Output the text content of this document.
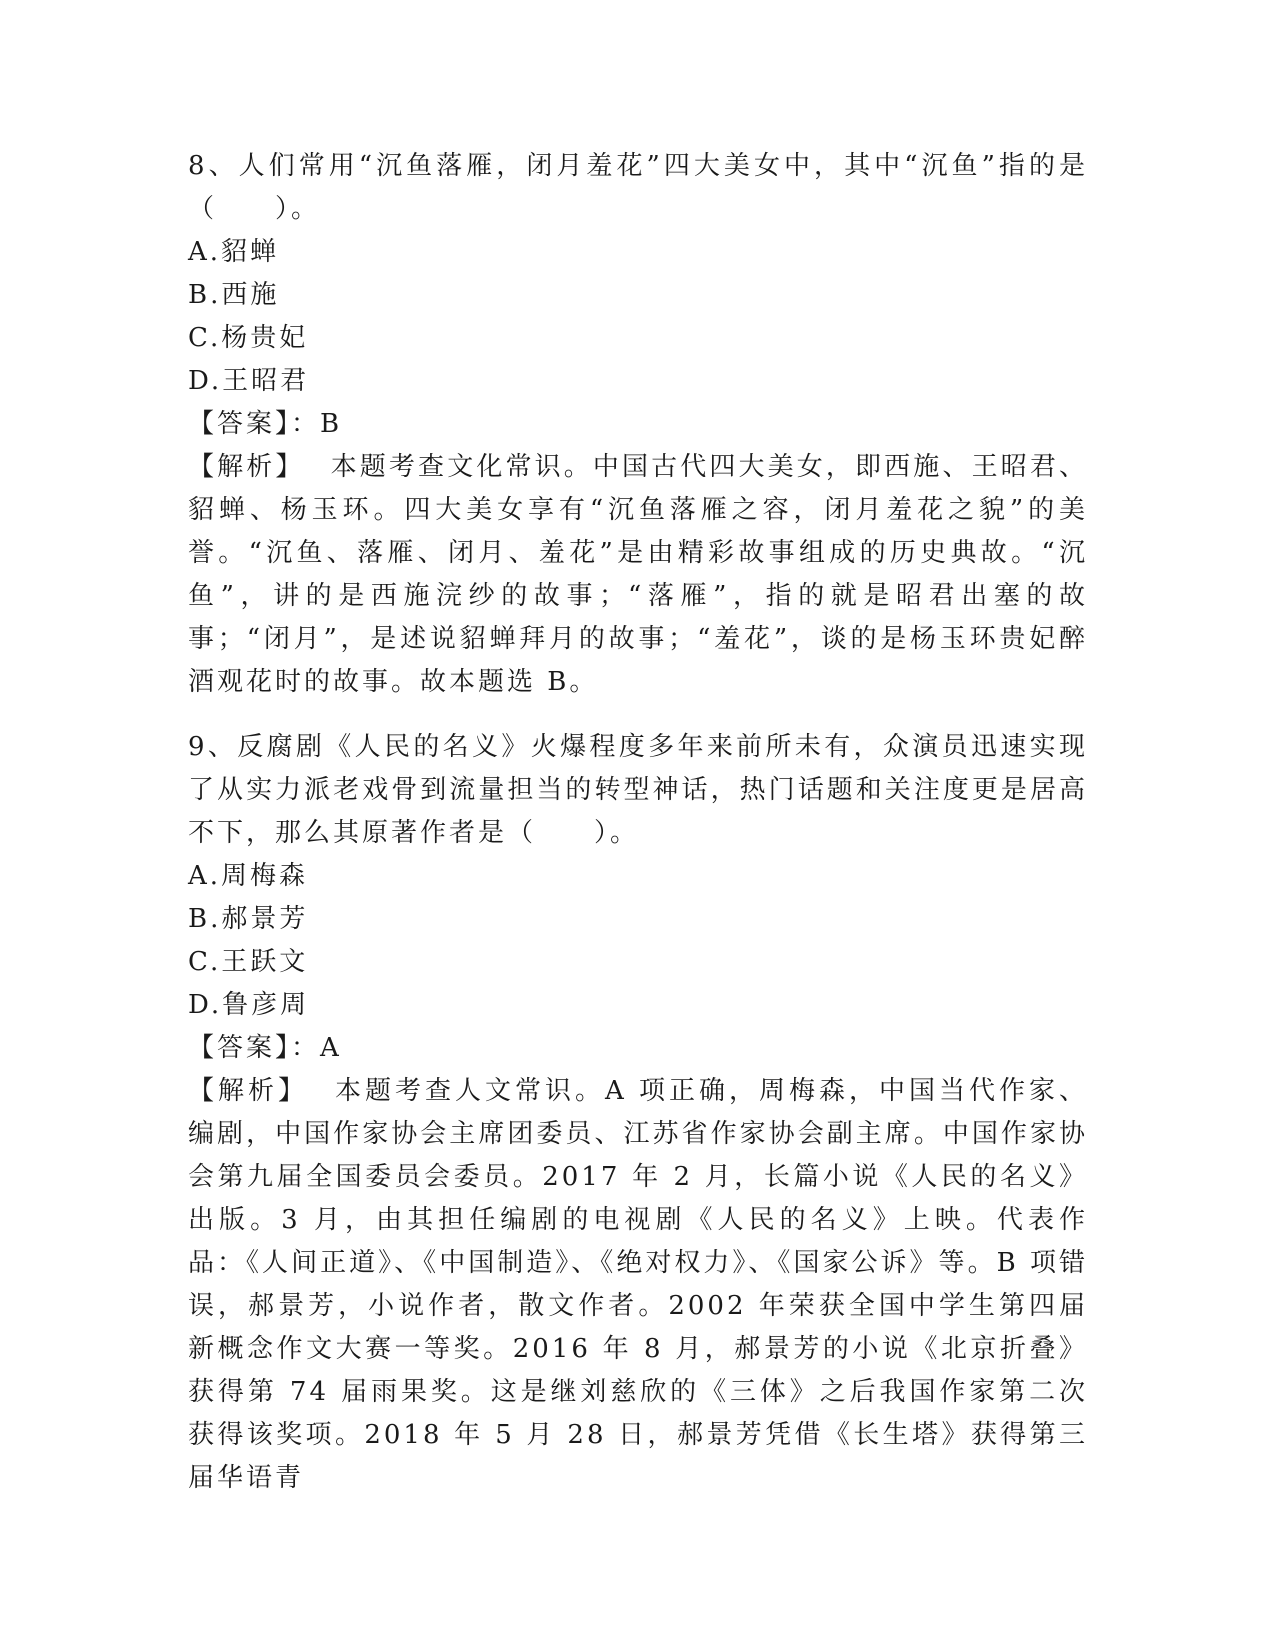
8、人们常用“沉鱼落雁，闭月羞花”四大美女中，其中“沉鱼”指的是（　　）。

A.貂蝉

B.西施

C.杨贵妃

D.王昭君

【答案】：B

【解析】 本题考查文化常识。中国古代四大美女，即西施、王昭君、貂蝉、杨玉环。四大美女享有“沉鱼落雁之容，闭月羞花之貌”的美誉。“沉鱼、落雁、闭月、羞花”是由精彩故事组成的历史典故。“沉鱼”，讲的是西施浣纱的故事；“落雁”，指的就是昭君出塞的故事；“闭月”，是述说貂蝉拜月的故事；“羞花”，谈的是杨玉环贵妃醉酒观花时的故事。故本题选 B。

9、反腐剧《人民的名义》火爆程度多年来前所未有，众演员迅速实现了从实力派老戏骨到流量担当的转型神话，热门话题和关注度更是居高不下，那么其原著作者是（　　）。

A.周梅森

B.郝景芳

C.王跃文

D.鲁彦周

【答案】：A

【解析】 本题考查人文常识。A 项正确，周梅森，中国当代作家、编剧，中国作家协会主席团委员、江苏省作家协会副主席。中国作家协会第九届全国委员会委员。2017 年 2 月，长篇小说《人民的名义》出版。3 月，由其担任编剧的电视剧《人民的名义》上映。代表作品：《人间正道》、《中国制造》、《绝对权力》、《国家公诉》等。B 项错误，郝景芳，小说作者，散文作者。2002 年荣获全国中学生第四届新概念作文大赛一等奖。2016 年 8 月，郝景芳的小说《北京折叠》获得第 74 届雨果奖。这是继刘慈欣的《三体》之后我国作家第二次获得该奖项。2018 年 5 月 28 日，郝景芳凭借《长生塔》获得第三届华语青
